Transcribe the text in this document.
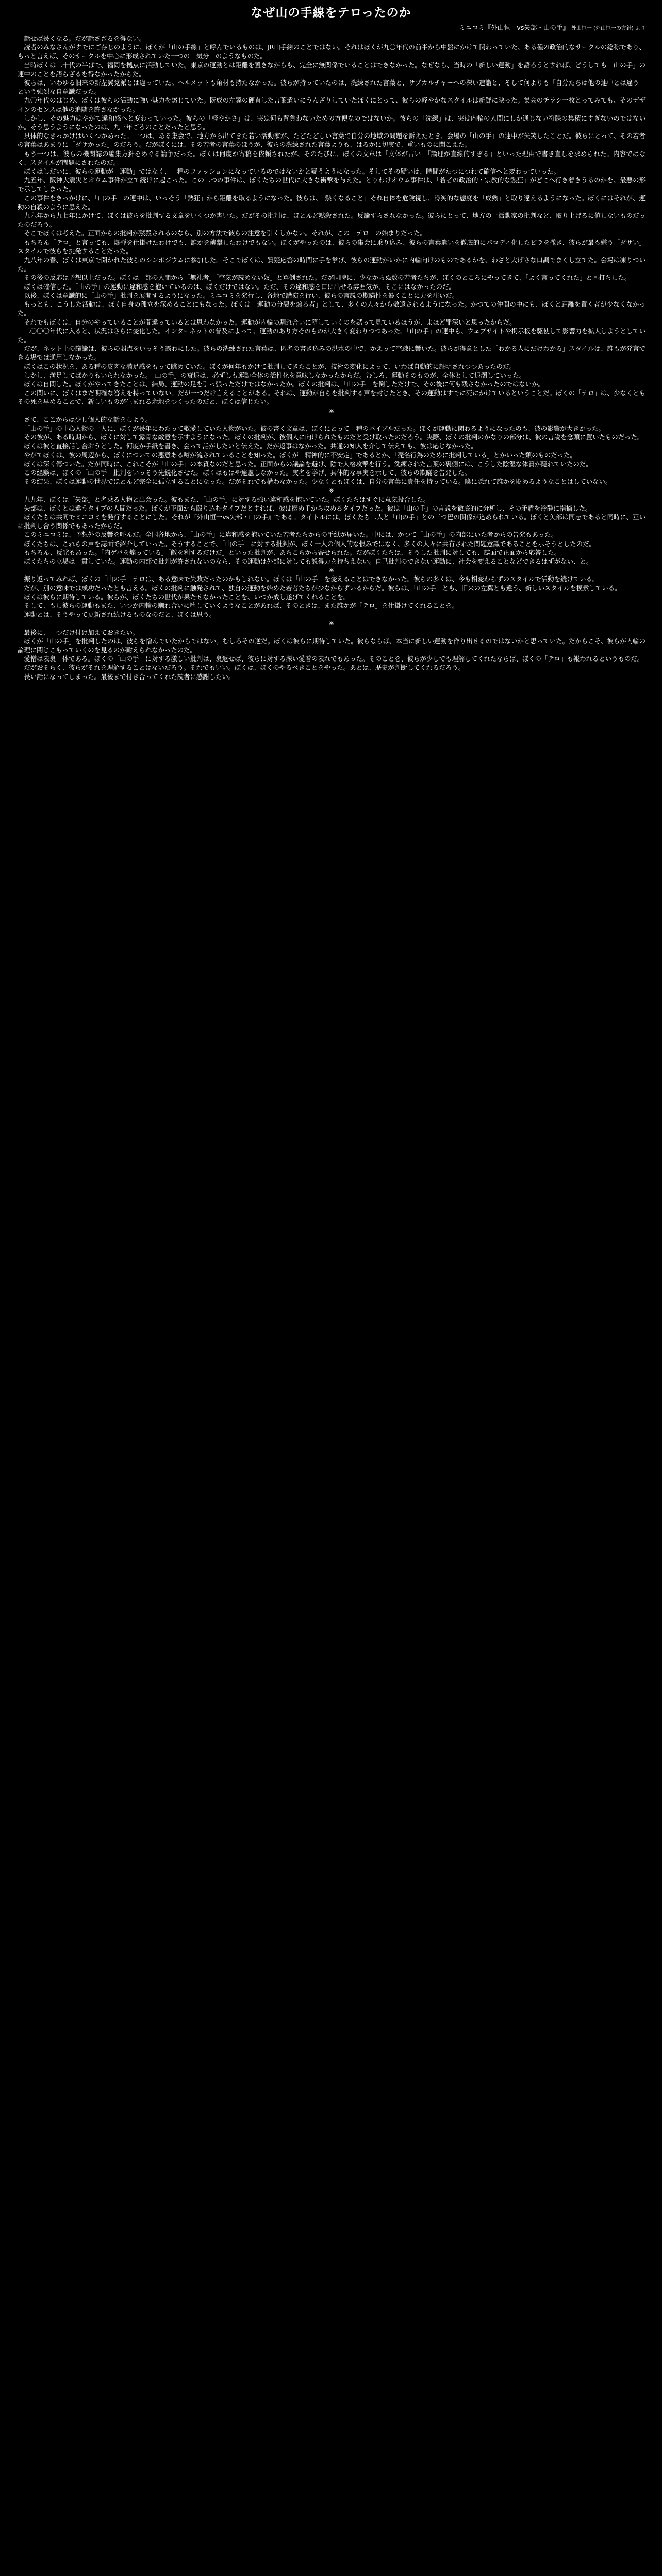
なぜ山の手線をテロったのか
ミニコミ『外山恒一vs矢部・山の手』 外山恒一 (外山恒一の方針) より

話せば長くなる。だが話さざるを得ない。

読者のみなさんがすでにご存じのように、ぼくが「山の手線」と呼んでいるものは、JR山手線のことではない。それはぼくが九〇年代の前半から中盤にかけて関わっていた、ある種の政治的なサークルの総称であり、もっと言えば、そのサークルを中心に形成されていた一つの「気分」のようなものだ。

当時ぼくは二十代の半ばで、福岡を拠点に活動していた。東京の運動とは距離を置きながらも、完全に無関係でいることはできなかった。なぜなら、当時の「新しい運動」を語ろうとすれば、どうしても「山の手」の連中のことを語らざるを得なかったからだ。

彼らは、いわゆる旧来の新左翼党派とは違っていた。ヘルメットも角材も持たなかった。彼らが持っていたのは、洗練された言葉と、サブカルチャーへの深い造詣と、そして何よりも「自分たちは他の連中とは違う」という強烈な自意識だった。

九〇年代のはじめ、ぼくは彼らの活動に強い魅力を感じていた。既成の左翼の硬直した言葉遣いにうんざりしていたぼくにとって、彼らの軽やかなスタイルは新鮮に映った。集会のチラシ一枚とってみても、そのデザインのセンスは他の追随を許さなかった。

しかし、その魅力はやがて違和感へと変わっていった。彼らの「軽やかさ」は、実は何も背負わないための方便なのではないか。彼らの「洗練」は、実は内輪の人間にしか通じない符牒の集積にすぎないのではないか。そう思うようになったのは、九三年ごろのことだったと思う。

具体的なきっかけはいくつかあった。一つは、ある集会で、地方から出てきた若い活動家が、たどたどしい言葉で自分の地域の問題を訴えたとき、会場の「山の手」の連中が失笑したことだ。彼らにとって、その若者の言葉はあまりに「ダサかった」のだろう。だがぼくには、その若者の言葉のほうが、彼らの洗練された言葉よりも、はるかに切実で、重いものに聞こえた。

もう一つは、彼らの機関誌の編集方針をめぐる論争だった。ぼくは何度か寄稿を依頼されたが、そのたびに、ぼくの文章は「文体が古い」「論理が直線的すぎる」といった理由で書き直しを求められた。内容ではなく、スタイルが問題にされたのだ。

ぼくはしだいに、彼らの運動が「運動」ではなく、一種のファッションになっているのではないかと疑うようになった。そしてその疑いは、時間がたつにつれて確信へと変わっていった。

九五年、阪神大震災とオウム事件が立て続けに起こった。この二つの事件は、ぼくたちの世代に大きな衝撃を与えた。とりわけオウム事件は、「若者の政治的・宗教的な熱狂」がどこへ行き着きうるのかを、最悪の形で示してしまった。

この事件をきっかけに、「山の手」の連中は、いっそう「熱狂」から距離を取るようになった。彼らは、「熱くなること」それ自体を危険視し、冷笑的な態度を「成熟」と取り違えるようになった。ぼくにはそれが、運動の自殺のように思えた。

九六年から九七年にかけて、ぼくは彼らを批判する文章をいくつか書いた。だがその批判は、ほとんど黙殺された。反論すらされなかった。彼らにとって、地方の一活動家の批判など、取り上げるに値しないものだったのだろう。

そこでぼくは考えた。正面からの批判が黙殺されるのなら、別の方法で彼らの注意を引くしかない。それが、この「テロ」の始まりだった。

もちろん「テロ」と言っても、爆弾を仕掛けたわけでも、誰かを襲撃したわけでもない。ぼくがやったのは、彼らの集会に乗り込み、彼らの言葉遣いを徹底的にパロディ化したビラを撒き、彼らが最も嫌う「ダサい」スタイルで彼らを挑発することだった。

九八年の春、ぼくは東京で開かれた彼らのシンポジウムに参加した。そこでぼくは、質疑応答の時間に手を挙げ、彼らの運動がいかに内輪向けのものであるかを、わざと大げさな口調でまくし立てた。会場は凍りついた。

その後の反応は予想以上だった。ぼくは一部の人間から「無礼者」「空気が読めない奴」と罵倒された。だが同時に、少なからぬ数の若者たちが、ぼくのところにやってきて、「よく言ってくれた」と耳打ちした。

ぼくは確信した。「山の手」の運動に違和感を抱いているのは、ぼくだけではない。ただ、その違和感を口に出せる雰囲気が、そこにはなかったのだ。

以後、ぼくは意識的に「山の手」批判を展開するようになった。ミニコミを発行し、各地で講演を行い、彼らの言説の欺瞞性を暴くことに力を注いだ。

もっとも、こうした活動は、ぼく自身の孤立を深めることにもなった。ぼくは「運動の分裂を煽る者」として、多くの人々から敬遠されるようになった。かつての仲間の中にも、ぼくと距離を置く者が少なくなかった。

それでもぼくは、自分のやっていることが間違っているとは思わなかった。運動が内輪の馴れ合いに堕していくのを黙って見ているほうが、よほど罪深いと思ったからだ。

二〇〇〇年代に入ると、状況はさらに変化した。インターネットの普及によって、運動のあり方そのものが大きく変わりつつあった。「山の手」の連中も、ウェブサイトや掲示板を駆使して影響力を拡大しようとしていた。

だが、ネット上の議論は、彼らの弱点をいっそう露わにした。彼らの洗練された言葉は、匿名の書き込みの洪水の中で、かえって空疎に響いた。彼らが得意とした「わかる人にだけわかる」スタイルは、誰もが発言できる場では通用しなかった。

ぼくはこの状況を、ある種の皮肉な満足感をもって眺めていた。ぼくが何年もかけて批判してきたことが、技術の変化によって、いわば自動的に証明されつつあったのだ。

しかし、満足してばかりもいられなかった。「山の手」の衰退は、必ずしも運動全体の活性化を意味しなかったからだ。むしろ、運動そのものが、全体として退潮していった。

ぼくは自問した。ぼくがやってきたことは、結局、運動の足を引っ張っただけではなかったか。ぼくの批判は、「山の手」を倒しただけで、その後に何も残さなかったのではないか。

この問いに、ぼくはまだ明確な答えを持っていない。だが一つだけ言えることがある。それは、運動が自らを批判する声を封じたとき、その運動はすでに死にかけているということだ。ぼくの「テロ」は、少なくともその死を早めることで、新しいものが生まれる余地をつくったのだと、ぼくは信じたい。

※

さて、ここからは少し個人的な話をしよう。

「山の手」の中心人物の一人に、ぼくが長年にわたって敬愛していた人物がいた。彼の書く文章は、ぼくにとって一種のバイブルだった。ぼくが運動に関わるようになったのも、彼の影響が大きかった。

その彼が、ある時期から、ぼくに対して露骨な敵意を示すようになった。ぼくの批判が、彼個人に向けられたものだと受け取ったのだろう。実際、ぼくの批判のかなりの部分は、彼の言説を念頭に置いたものだった。

ぼくは彼と直接話し合おうとした。何度か手紙を書き、会って話がしたいと伝えた。だが返事はなかった。共通の知人を介して伝えても、彼は応じなかった。

やがてぼくは、彼の周辺から、ぼくについての悪意ある噂が流されていることを知った。ぼくが「精神的に不安定」であるとか、「売名行為のために批判している」とかいった類のものだった。

ぼくは深く傷ついた。だが同時に、これこそが「山の手」の本質なのだと思った。正面からの議論を避け、陰で人格攻撃を行う。洗練された言葉の裏側には、こうした陰湿な体質が隠れていたのだ。

この経験は、ぼくの「山の手」批判をいっそう先鋭化させた。ぼくはもはや遠慮しなかった。実名を挙げ、具体的な事実を示して、彼らの欺瞞を告発した。

その結果、ぼくは運動の世界でほとんど完全に孤立することになった。だがそれでも構わなかった。少なくともぼくは、自分の言葉に責任を持っている。陰に隠れて誰かを貶めるようなことはしていない。

※

九九年、ぼくは「矢部」と名乗る人物と出会った。彼もまた、「山の手」に対する強い違和感を抱いていた。ぼくたちはすぐに意気投合した。

矢部は、ぼくとは違うタイプの人間だった。ぼくが正面から殴り込むタイプだとすれば、彼は搦め手から攻めるタイプだった。彼は「山の手」の言説を徹底的に分析し、その矛盾を冷静に指摘した。

ぼくたちは共同でミニコミを発行することにした。それが『外山恒一vs矢部・山の手』である。タイトルには、ぼくたち二人と「山の手」との三つ巴の関係が込められている。ぼくと矢部は同志であると同時に、互いに批判し合う関係でもあったからだ。

このミニコミは、予想外の反響を呼んだ。全国各地から、「山の手」に違和感を抱いていた若者たちからの手紙が届いた。中には、かつて「山の手」の内部にいた者からの告発もあった。

ぼくたちは、これらの声を誌面で紹介していった。そうすることで、「山の手」に対する批判が、ぼく一人の個人的な恨みではなく、多くの人々に共有された問題意識であることを示そうとしたのだ。

もちろん、反発もあった。「内ゲバを煽っている」「敵を利するだけだ」といった批判が、あちこちから寄せられた。だがぼくたちは、そうした批判に対しても、誌面で正面から応答した。

ぼくたちの立場は一貫していた。運動の内部で批判が許されないのなら、その運動は外部に対しても説得力を持ちえない。自己批判のできない運動に、社会を変えることなどできるはずがない、と。

※

振り返ってみれば、ぼくの「山の手」テロは、ある意味で失敗だったのかもしれない。ぼくは「山の手」を変えることはできなかった。彼らの多くは、今も相変わらずのスタイルで活動を続けている。

だが、別の意味では成功だったとも言える。ぼくの批判に触発されて、独自の運動を始めた若者たちが少なからずいるからだ。彼らは、「山の手」とも、旧来の左翼とも違う、新しいスタイルを模索している。

ぼくは彼らに期待している。彼らが、ぼくたちの世代が果たせなかったことを、いつか成し遂げてくれることを。

そして、もし彼らの運動もまた、いつか内輪の馴れ合いに堕していくようなことがあれば、そのときは、また誰かが「テロ」を仕掛けてくれることを。

運動とは、そうやって更新され続けるものなのだと、ぼくは思う。

※

最後に、一つだけ付け加えておきたい。

ぼくが「山の手」を批判したのは、彼らを憎んでいたからではない。むしろその逆だ。ぼくは彼らに期待していた。彼らならば、本当に新しい運動を作り出せるのではないかと思っていた。だからこそ、彼らが内輪の論理に閉じこもっていくのを見るのが耐えられなかったのだ。

愛憎は表裏一体である。ぼくの「山の手」に対する激しい批判は、裏返せば、彼らに対する深い愛着の表れでもあった。そのことを、彼らが少しでも理解してくれたならば、ぼくの「テロ」も報われるというものだ。

だがおそらく、彼らがそれを理解することはないだろう。それでもいい。ぼくは、ぼくのやるべきことをやった。あとは、歴史が判断してくれるだろう。

長い話になってしまった。最後まで付き合ってくれた読者に感謝したい。
